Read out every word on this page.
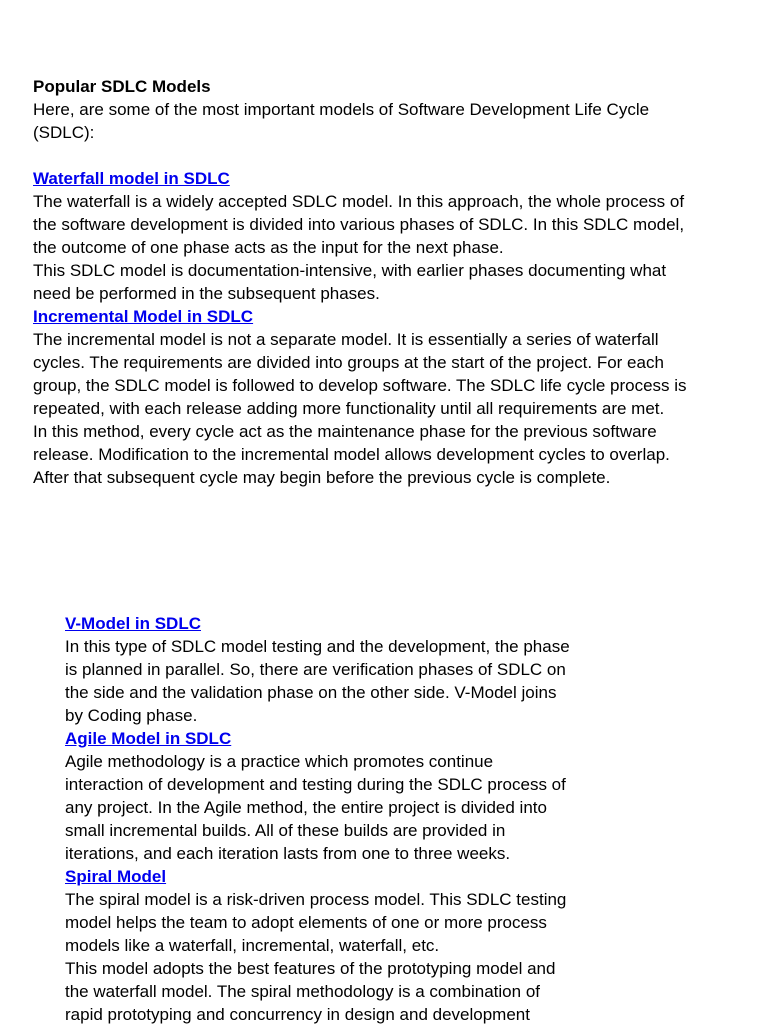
Popular SDLC Models
Here, are some of the most important models of Software Development Life Cycle
(SDLC):
Waterfall model in SDLC
The waterfall is a widely accepted SDLC model. In this approach, the whole process of
the software development is divided into various phases of SDLC. In this SDLC model,
the outcome of one phase acts as the input for the next phase.
This SDLC model is documentation-intensive, with earlier phases documenting what
need be performed in the subsequent phases.
Incremental Model in SDLC
The incremental model is not a separate model. It is essentially a series of waterfall
cycles. The requirements are divided into groups at the start of the project. For each
group, the SDLC model is followed to develop software. The SDLC life cycle process is
repeated, with each release adding more functionality until all requirements are met.
In this method, every cycle act as the maintenance phase for the previous software
release. Modification to the incremental model allows development cycles to overlap.
After that subsequent cycle may begin before the previous cycle is complete.
V-Model in SDLC
In this type of SDLC model testing and the development, the phase
is planned in parallel. So, there are verification phases of SDLC on
the side and the validation phase on the other side. V-Model joins
by Coding phase.
Agile Model in SDLC
Agile methodology is a practice which promotes continue
interaction of development and testing during the SDLC process of
any project. In the Agile method, the entire project is divided into
small incremental builds. All of these builds are provided in
iterations, and each iteration lasts from one to three weeks.
Spiral Model
The spiral model is a risk-driven process model. This SDLC testing
model helps the team to adopt elements of one or more process
models like a waterfall, incremental, waterfall, etc.
This model adopts the best features of the prototyping model and
the waterfall model. The spiral methodology is a combination of
rapid prototyping and concurrency in design and development
